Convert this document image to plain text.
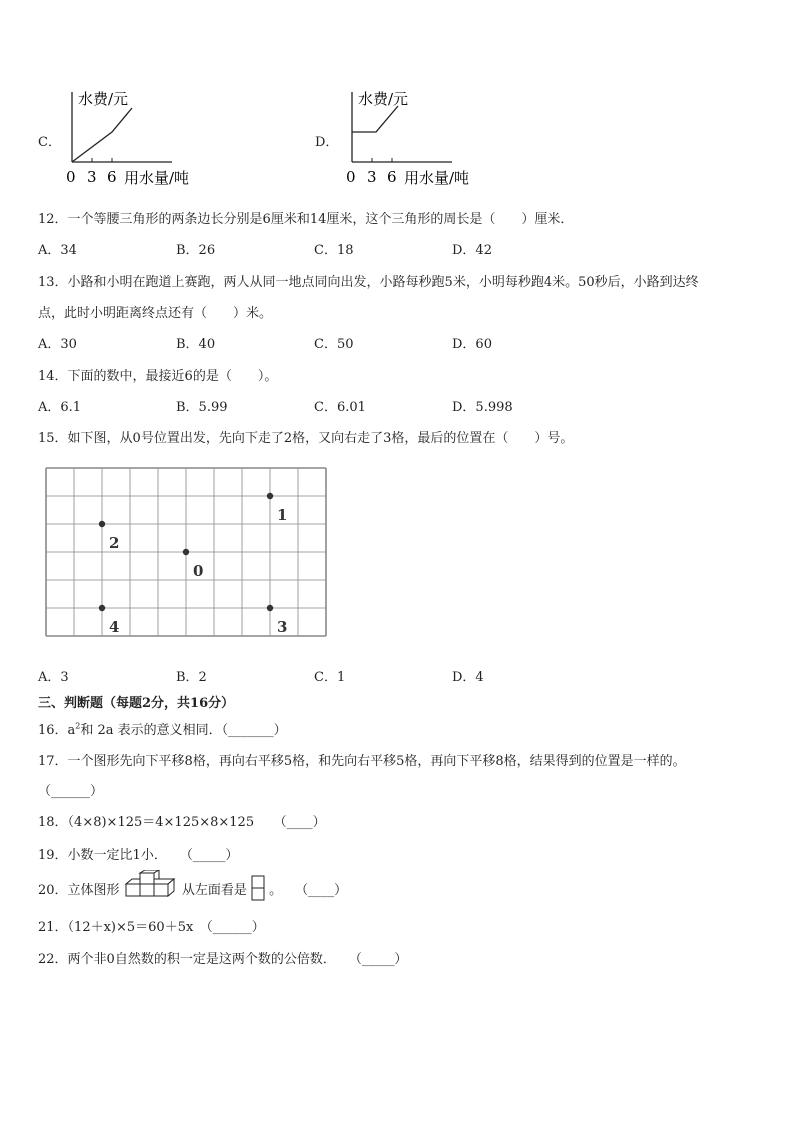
C．
水费/元
0 3 6 用水量/吨
D．
水费/元
0 3 6 用水量/吨
12．一个等腰三角形的两条边长分别是6厘米和14厘米，这个三角形的周长是（　　）厘米．
A．34	B．26	C．18	D．42
13．小路和小明在跑道上赛跑，两人从同一地点同向出发，小路每秒跑5米，小明每秒跑4米。50秒后，小路到达终
点，此时小明距离终点还有（　　）米。
A．30	B．40	C．50	D．60
14．下面的数中，最接近6的是（　　）。
A．6.1	B．5.99	C．6.01	D．5.998
15．如下图，从0号位置出发，先向下走了2格，又向右走了3格，最后的位置在（　　）号。
0
1
2
3
4
A．3	B．2	C．1	D．4
三、判断题（每题2分，共16分）
16．$a^2$和 2a 表示的意义相同．（_______）
17．一个图形先向下平移8格，再向右平移5格，和先向右平移5格，再向下平移8格，结果得到的位置是一样的。
（______）
18．（4×8)×125＝4×125×8×125　　（____）
19．小数一定比1小．　　（_____）
20．立体图形	从左面看是 。　　（____）
21．（12＋x)×5＝60＋5x　（______）
22．两个非0自然数的积一定是这两个数的公倍数．　　（_____）
